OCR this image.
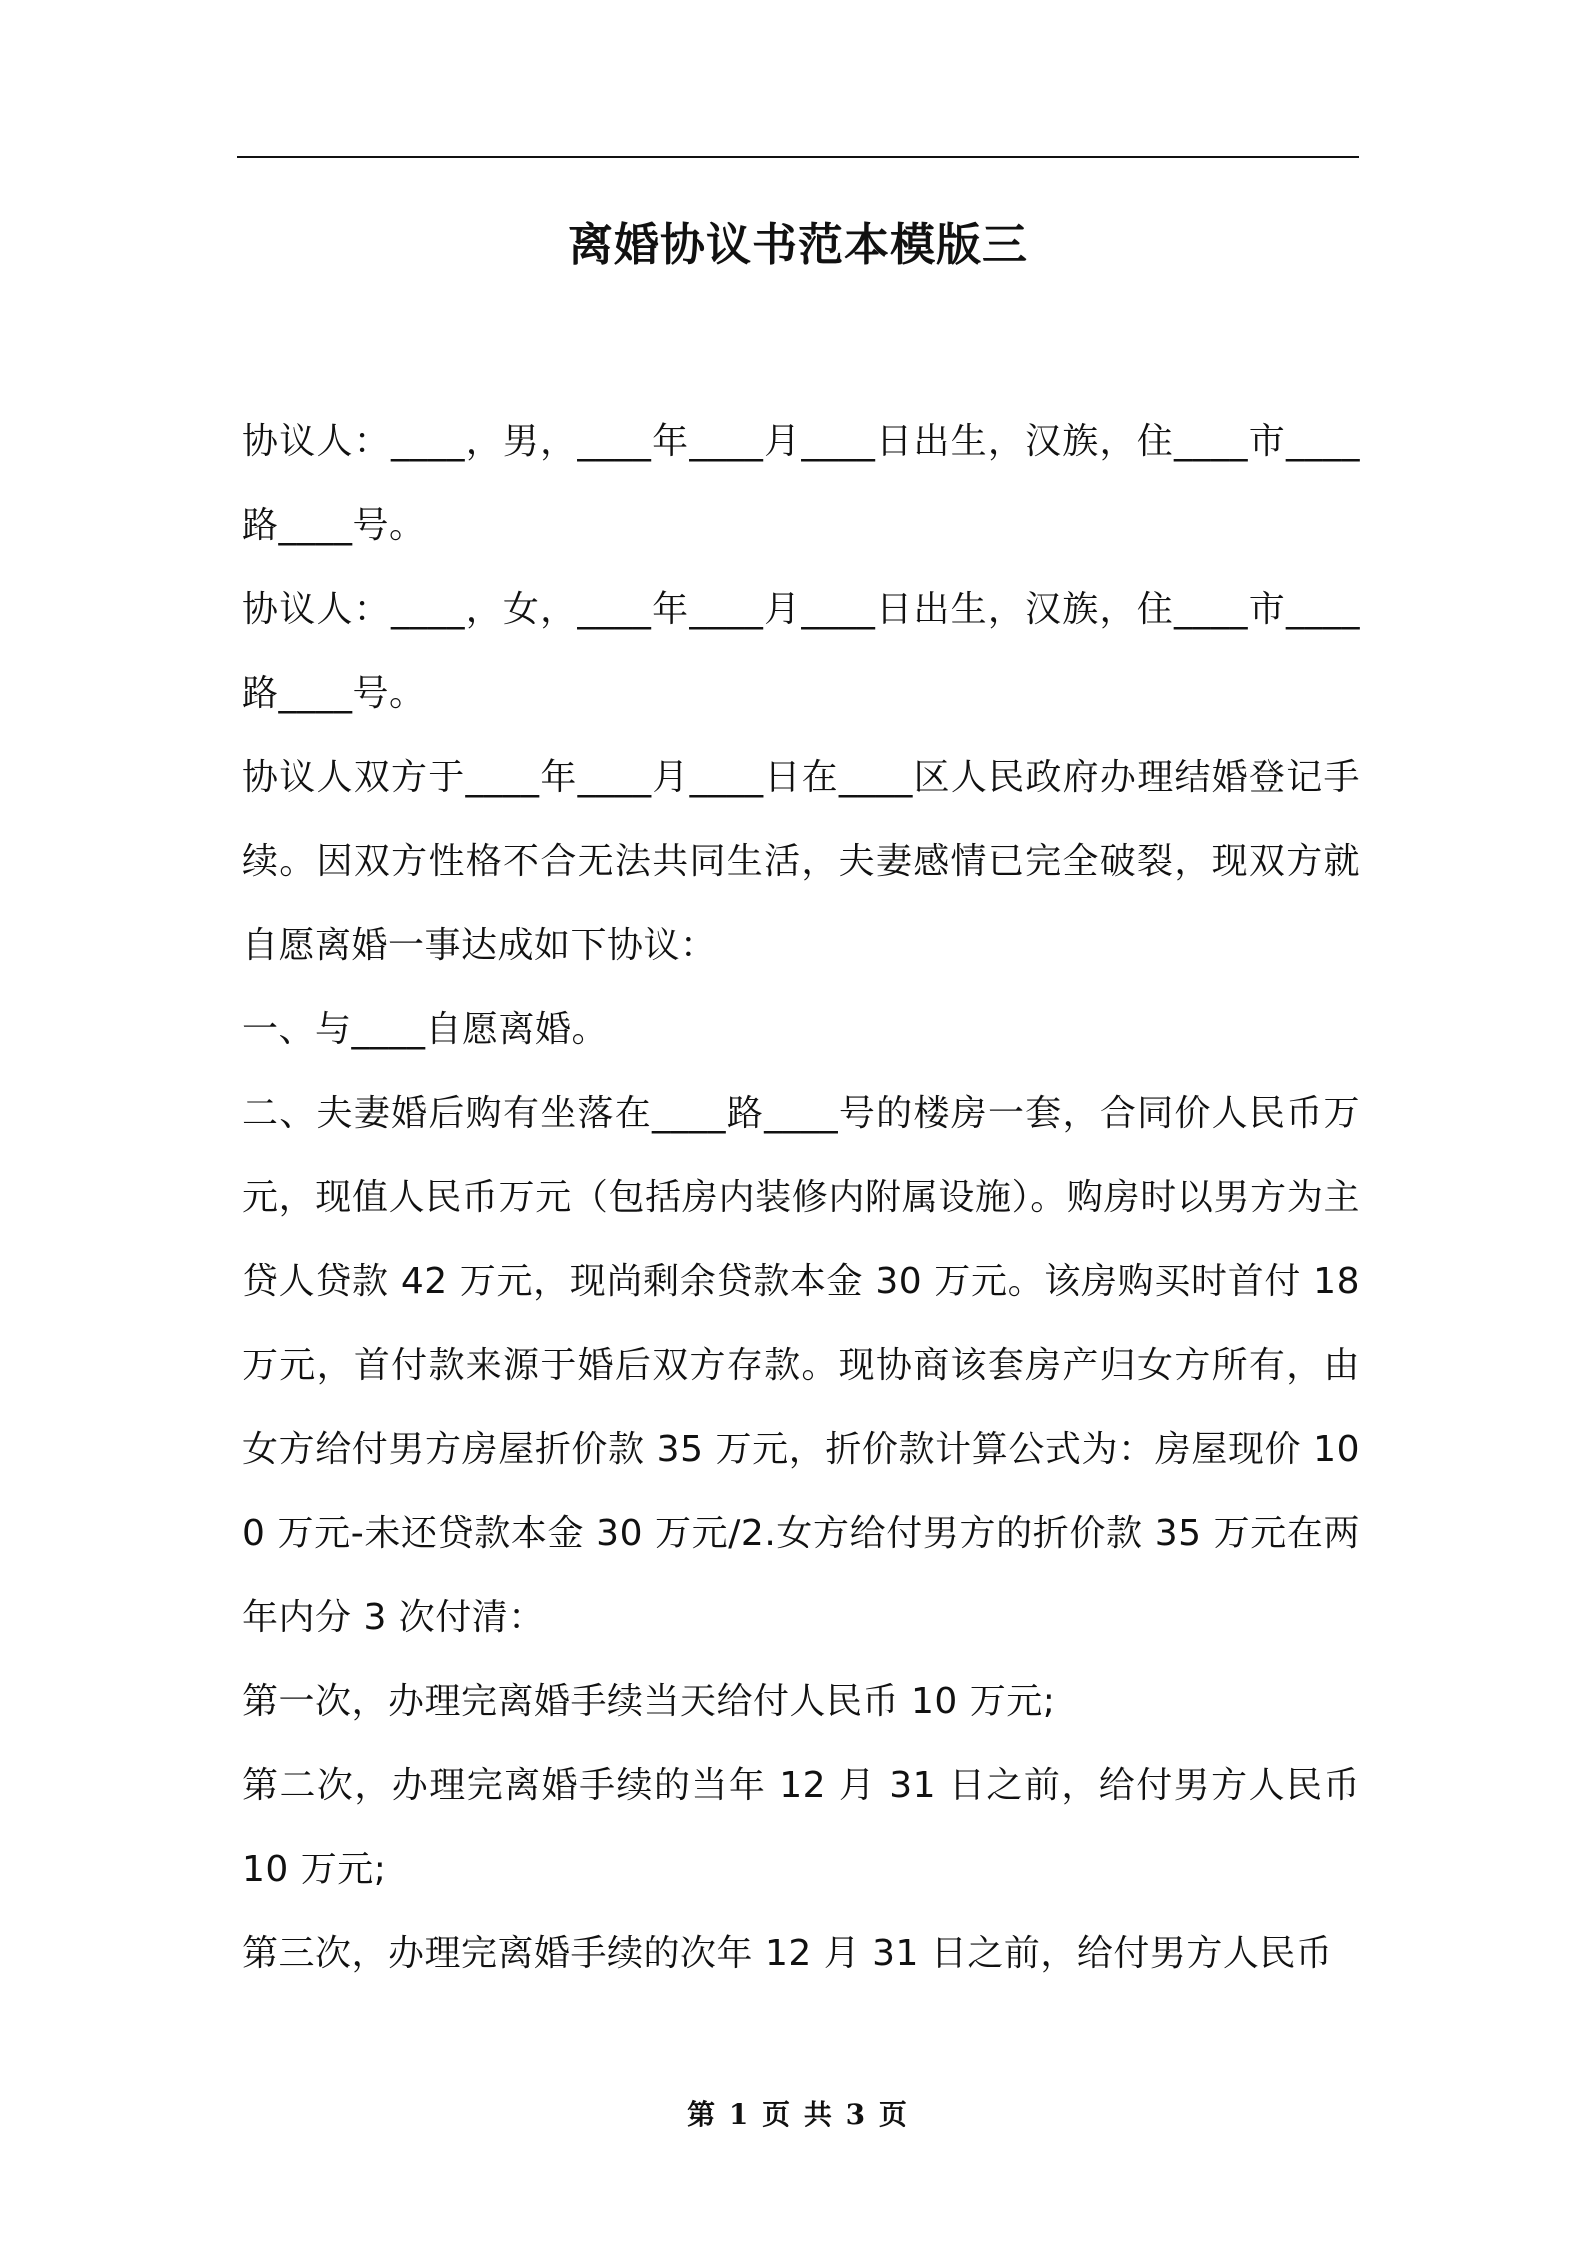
离婚协议书范本模版三

协议人：____，男，____年____月____日出生，汉族，住____市____路____号。

协议人：____，女，____年____月____日出生，汉族，住____市____路____号。

协议人双方于____年____月____日在____区人民政府办理结婚登记手续。因双方性格不合无法共同生活，夫妻感情已完全破裂，现双方就自愿离婚一事达成如下协议：

一、与____自愿离婚。

二、夫妻婚后购有坐落在____路____号的楼房一套，合同价人民币万元，现值人民币万元（包括房内装修内附属设施）。购房时以男方为主贷人贷款 42 万元，现尚剩余贷款本金 30 万元。该房购买时首付 18 万元，首付款来源于婚后双方存款。现协商该套房产归女方所有，由女方给付男方房屋折价款 35 万元，折价款计算公式为：房屋现价 100 万元-未还贷款本金 30 万元/2.女方给付男方的折价款 35 万元在两年内分 3 次付清：

第一次，办理完离婚手续当天给付人民币 10 万元;

第二次，办理完离婚手续的当年 12 月 31 日之前，给付男方人民币 10 万元;

第三次，办理完离婚手续的次年 12 月 31 日之前，给付男方人民币

第 1 页 共 3 页
